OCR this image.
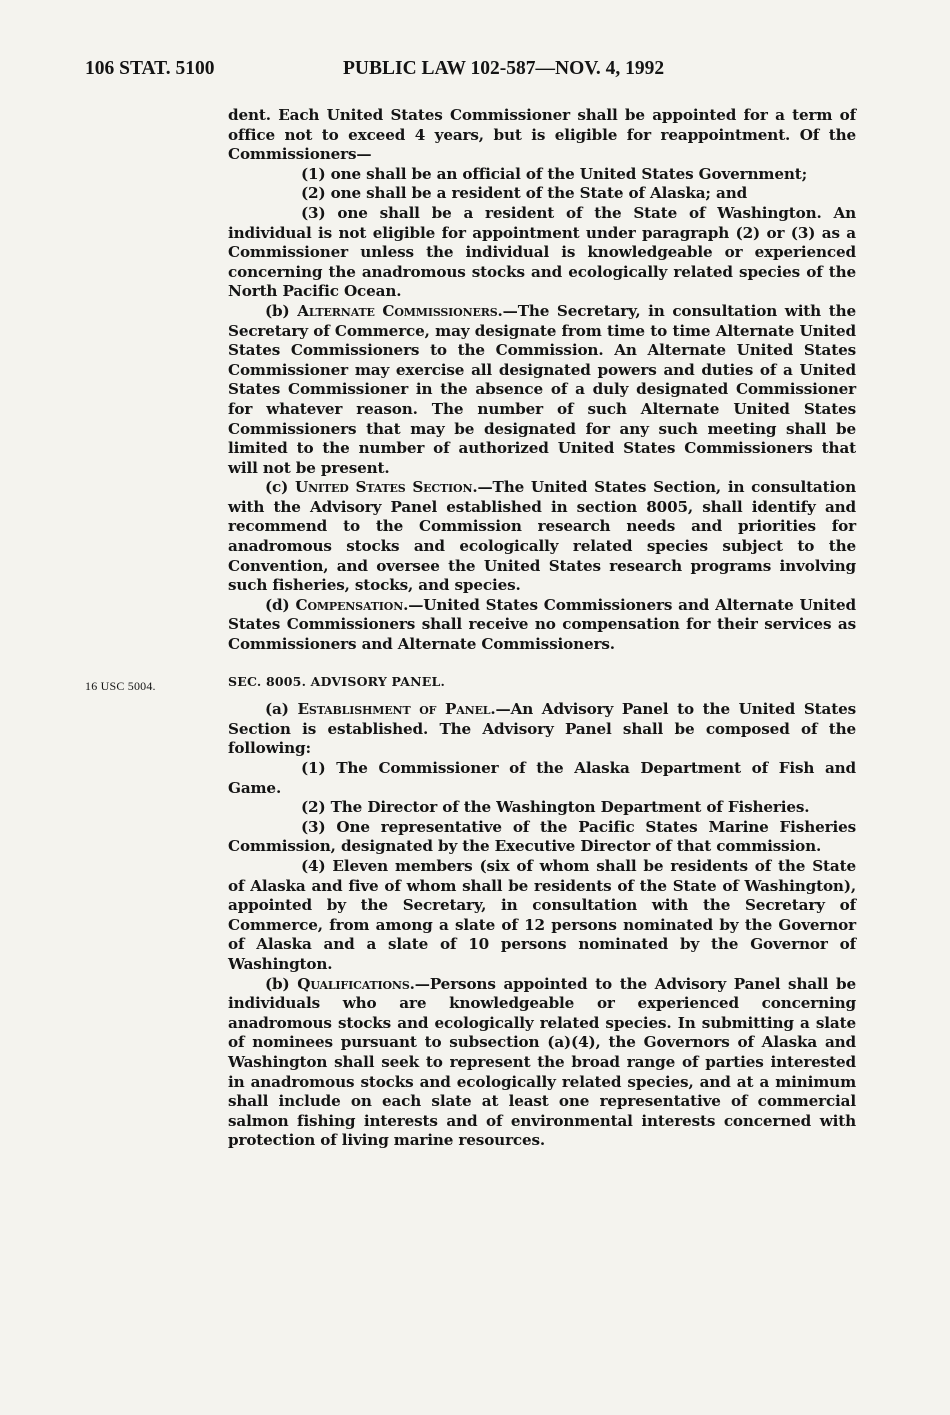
106 STAT. 5100	PUBLIC LAW 102-587—NOV. 4, 1992
16 USC 5004.

dent. Each United States Commissioner shall be appointed for a term of office not to exceed 4 years, but is eligible for reappointment. Of the Commissioners—

(1) one shall be an official of the United States Government;

(2) one shall be a resident of the State of Alaska; and

(3) one shall be a resident of the State of Washington. An individual is not eligible for appointment under paragraph (2) or (3) as a Commissioner unless the individual is knowledgeable or experienced concerning the anadromous stocks and ecologically related species of the North Pacific Ocean.

(b) Alternate Commissioners.—The Secretary, in consultation with the Secretary of Commerce, may designate from time to time Alternate United States Commissioners to the Commission. An Alternate United States Commissioner may exercise all designated powers and duties of a United States Commissioner in the absence of a duly designated Commissioner for whatever reason. The number of such Alternate United States Commissioners that may be designated for any such meeting shall be limited to the number of authorized United States Commissioners that will not be present.

(c) United States Section.—The United States Section, in consultation with the Advisory Panel established in section 8005, shall identify and recommend to the Commission research needs and priorities for anadromous stocks and ecologically related species subject to the Convention, and oversee the United States research programs involving such fisheries, stocks, and species.

(d) Compensation.—United States Commissioners and Alternate United States Commissioners shall receive no compensation for their services as Commissioners and Alternate Commissioners.

SEC. 8005. ADVISORY PANEL.

(a) Establishment of Panel.—An Advisory Panel to the United States Section is established. The Advisory Panel shall be composed of the following:

(1) The Commissioner of the Alaska Department of Fish and Game.

(2) The Director of the Washington Department of Fisheries.

(3) One representative of the Pacific States Marine Fisheries Commission, designated by the Executive Director of that commission.

(4) Eleven members (six of whom shall be residents of the State of Alaska and five of whom shall be residents of the State of Washington), appointed by the Secretary, in consultation with the Secretary of Commerce, from among a slate of 12 persons nominated by the Governor of Alaska and a slate of 10 persons nominated by the Governor of Washington.

(b) Qualifications.—Persons appointed to the Advisory Panel shall be individuals who are knowledgeable or experienced concerning anadromous stocks and ecologically related species. In submitting a slate of nominees pursuant to subsection (a)(4), the Governors of Alaska and Washington shall seek to represent the broad range of parties interested in anadromous stocks and ecologically related species, and at a minimum shall include on each slate at least one representative of commercial salmon fishing interests and of environmental interests concerned with protection of living marine resources.
